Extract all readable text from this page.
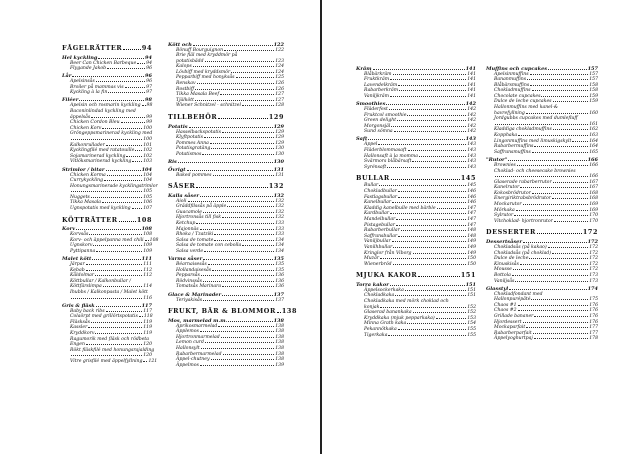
FÅGELRÄTTER	94
Hel kyckling	94
Beer Can Chicken Barbeque 94
Flygande Jakob	96
Lår	96
Apelsinsås	96
Broiler på mammas vis	97
Kyckling à la fin	97
Filéer	98
Apelsin och rosmarin kyckling 98
Baconinlindad kyckling med
äppelsås	99
Chicken Cordon Bleu	99
Chicken Korv	100
Gröngeppsmarinerad kyckling med
100
Kalkonrullader	101
Kycklingfilé med ratatouille 102
Sojamarinerad kyckling	102
Vitlöksmarinerad kyckling	103
Strimlor / bitar	104
Chicken Korma	104
Currykyckling	104
Honungsmarinerade kycklingstrimlor
105
Nuggets	105
Tikka Masala	106
Ugnspotatis med kyckling	107
KÖTTRÄTTER	108
Korv	108
Korvsås	108
Korv- och äppelpanna med chili 108
Ugnskorv	109
Pyttipanna	109
Malet kött	111
Järpar	111
Kebab	112
Kåldolmar	112
Köttbullar / Kalkonbullar /
Köttfärslimpa	114
Ihubbs / Kalkonpasta / Malet kött
116
Gris & fläsk	117
Baby back ribs	117
Colaörpt med grillörtspotatis 118
Fläsksås	119
Kassler	119
Kryddkorv	119
Ragumorik med fläsk och rödbeta
Engen	120
Rökt fläskfilé med honungsrajalding
120
Vitre grisfilé med äppelfyllning 121
Kött och	122
Bönuff Bourguignon	122
Brie fläl med kryddmör på
potatisbädd	123
Kalops	124
Lövbiff med kryddsmör	124
Pepparbiff med honyksås	125
Renskav	126
Rostbiff	126
Tikka Masala Beef	127
Tjälkött	127
Wiener Schnitzel - schnitzel	128
TILLBEHÖR	129
Potatis	129
Hasselbackspotatis	129
Klyftpotatis	129
Pommes Anna	129
Potatisgratäng	130
Potatismos	130
Ris	130
Övrigt	131
Baked pommes	131
SÅSER	132
Kalla såser	132
Aioli	132
Gräddfilssås på äpple	132
Guacamole	132
Hjortronsås till fisk	132
Ketchup	133
Majonnäs	133
Rhoka / Tzatziki	133
Salsa de tomate	134
Salsa de tomate con cebolla	134
Salsa verde	134
Varma såser	135
Béarnaisesås	135
Hollandaisesås	135
Pepparsås	136
Rödvinssås	136
Tomatsås Marinara	136
Glace & Marinader	137
Teriyakisås	137
FRUKT, BÄR & BLOMMOR 138
Mos, marmelad m.m.	138
Aprikosmarmelad	138
Äpplemos	138
Hjortronmarmelad	138
Lemon curd	138
Hallonsylt	138
Rabarbermarmelad	138
Äppel-chutney	138
Äppelmos	139
Kräm	141
Blåbärkräm	141
Fruktkräm	141
Lavendelkräm	141
Rabarberkräm	141
Vaniljkräm	141
Smoothies	142
Fläderfest	142
Fruktcol smoothie	142
Green delight	142
Morgonsjäl	142
Sund sömna	142
Saft	143
Äppel	143
Fläderblommasaft	143
Hallonsaft à la momma	143
Svärmors blåbärsaft	143
Syrénsaft	143
BULLAR	145
Bullar	145
Chokladbullar	146
Fastlagsbullar	146
Kanelbullar	146
Kladdig kanelbulle med bärble	147
Kardbullar	147
Mandelbullar	147
Pistagebullar	147
Rabarberbullar	148
Saffransbullar	148
Vaniljbullar	149
Vanilhbullar	149
Kringlor från Viborg	149
Muzår	150
Wienerbröd	150
MJUKA KAKOR	151
Torra kakor	151
Äppelsockerkaka	151
Chokladkaka	151
Chokladkaka med mörk choklad och
konjak	152
Glaserad banankaka	152
Kryddkaka (mjuk pepparkaka)	153
Minna Grath kaka	154
Pekannötkaka	155
Tigerkaka	155
Muffins och cupcakes	157
Apelsinmuffins	157
Bananmuffins	157
Blåbärsmuffins	158
Chokladmuffins	158
Chocolate cupcakes	159
Dulce de leche cupcakes	159
Hallonmuffins med kanel-&
havrefyllning	160
Jordgubbs cupcakes med dumlefluff
161
Kladdiga chokladmuffins	162
Kopphaka	163
Lingonmuffins med limuskigskylt	164
Rabarbermuffins	164
Saffransmuffins	165
"Rutor"	166
Brownies	166
Choklad- och cheesecake brownies
166
Glaserade rabarberrutor	167
Kanelrutor	167
Kokosbrödrutor	168
Energiriktrabsbrödrutor	168
Mockarutor	169
Mörkaka	169
Sylrutor	170
Vitchoklad- hjortronrutor	170
DESSERTER	172
Dessertsåser	172
Chokladsås (på kakao)	172
Chokladsås (på choklad)	172
Dulce de leche	172
Kinuskisås	172
Mousse	172
Bottola	173
Vaniljsås	173
Glasstyl	174
Chokladfondant med
Hallonpurépâté	175
Chaos #1	176
Chaos #2	176
Grillade bananer	176
Hjordessert	176
Mockaparfait	177
Rabarberparfait	177
Äppelyoghurtpaj	178
